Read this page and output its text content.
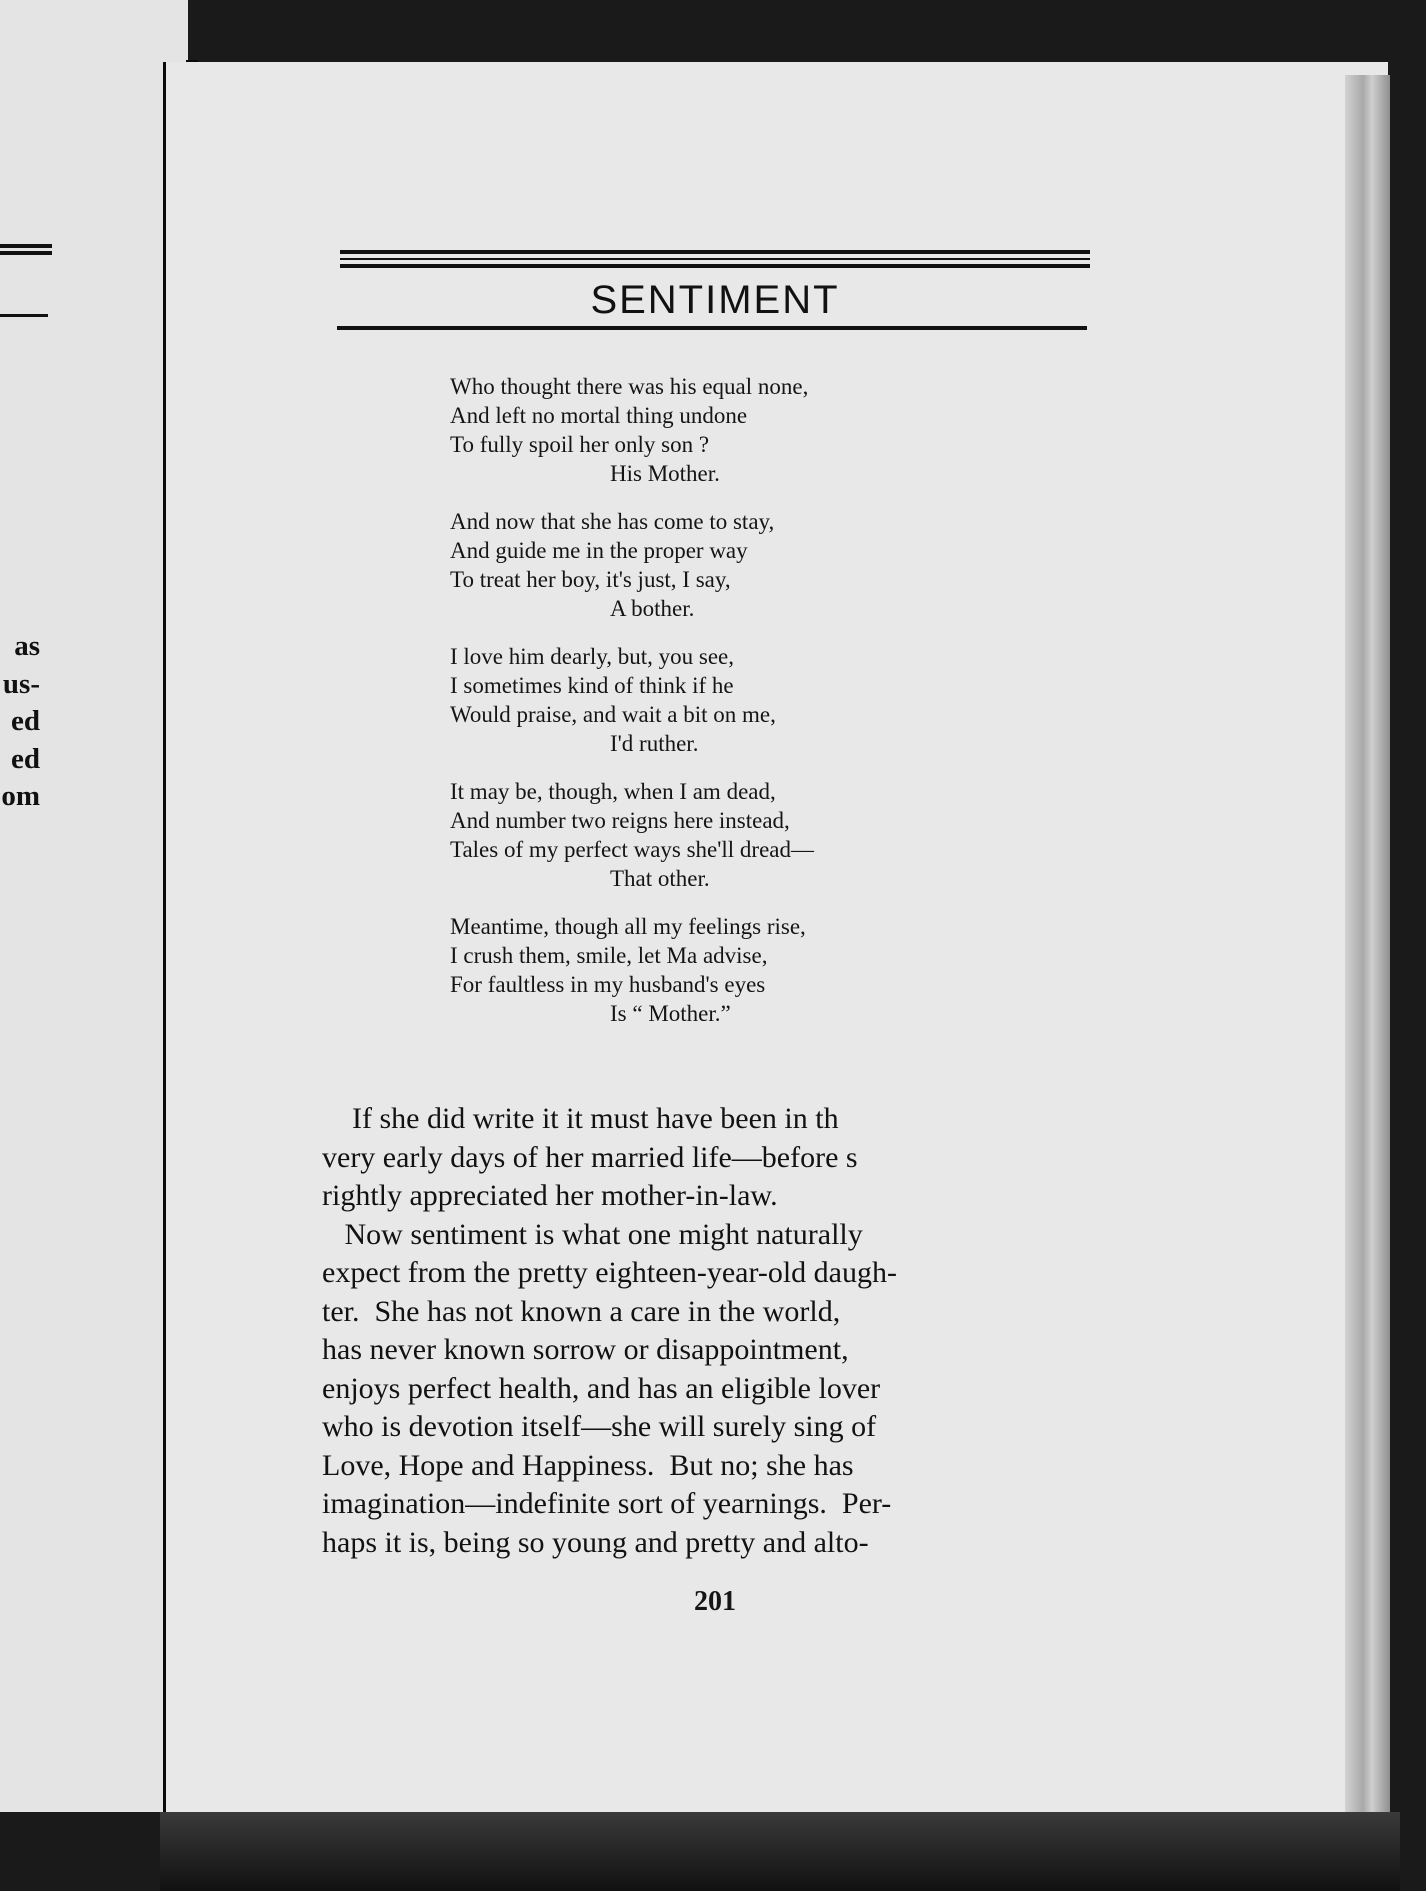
as
us-
ed
ed
om
SENTIMENT
Who thought there was his equal none,
And left no mortal thing undone
To fully spoil her only son ?
His Mother.
And now that she has come to stay,
And guide me in the proper way
To treat her boy, it's just, I say,
A bother.
I love him dearly, but, you see,
I sometimes kind of think if he
Would praise, and wait a bit on me,
I'd ruther.
It may be, though, when I am dead,
And number two reigns here instead,
Tales of my perfect ways she'll dread—
That other.
Meantime, though all my feelings rise,
I crush them, smile, let Ma advise,
For faultless in my husband's eyes
Is “ Mother.”
If she did write it it must have been in th
very early days of her married life—before s
rightly appreciated her mother-in-law.
Now sentiment is what one might naturally
expect from the pretty eighteen-year-old daugh-
ter.  She has not known a care in the world,
has never known sorrow or disappointment,
enjoys perfect health, and has an eligible lover
who is devotion itself—she will surely sing of
Love, Hope and Happiness.  But no; she has
imagination—indefinite sort of yearnings.  Per-
haps it is, being so young and pretty and alto-
201
